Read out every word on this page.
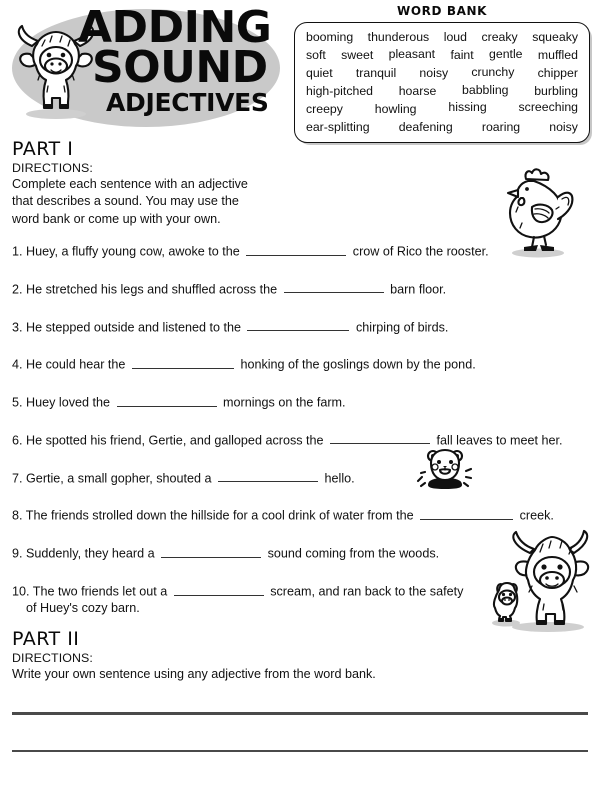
ADDING
SOUND
ADJECTIVES
WORD BANK
booming thunderous loud creaky squeaky
soft sweet pleasant faint gentle muffled
quiet tranquil noisy crunchy chipper
high-pitched hoarse babbling burbling
creepy	howling	hissing	screeching
ear-splitting deafening roaring noisy
PART I
DIRECTIONS:
Complete each sentence with an adjective that describes a sound. You may use the word bank or come up with your own.
1. Huey, a fluffy young cow, awoke to the	crow of Rico the rooster.
2. He stretched his legs and shuffled across the	barn floor.
3. He stepped outside and listened to the	chirping of birds.
4. He could hear the	honking of the goslings down by the pond.
5. Huey loved the	mornings on the farm.
6. He spotted his friend, Gertie, and galloped across the	fall leaves to meet her.
7. Gertie, a small gopher, shouted a	hello.
8. The friends strolled down the hillside for a cool drink of water from the	creek.
9. Suddenly, they heard a	sound coming from the woods.
10. The two friends let out a	scream, and ran back to the safety
of Huey's cozy barn.
PART II
DIRECTIONS:
Write your own sentence using any adjective from the word bank.
